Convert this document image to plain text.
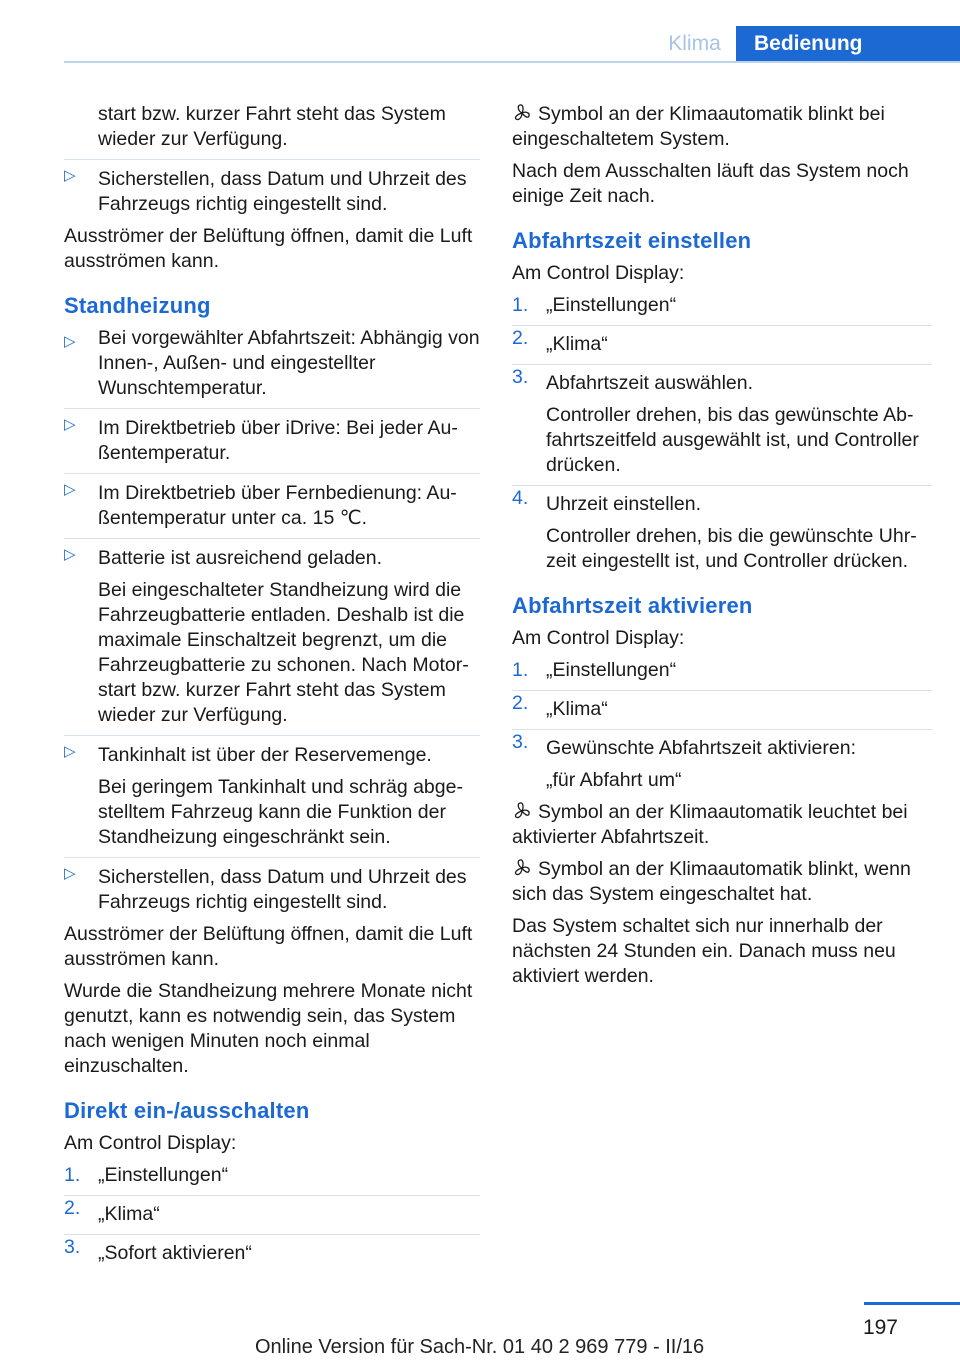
Klima	Bedienung

start bzw. kurzer Fahrt steht das System wieder zur Verfügung.

▷ Sicherstellen, dass Datum und Uhrzeit des Fahrzeugs richtig eingestellt sind.

Ausströmer der Belüftung öffnen, damit die Luft ausströmen kann.

Standheizung
▷ Bei vorgewählter Abfahrtszeit: Abhängig von Innen-, Außen- und eingestellter Wunschtemperatur.
▷ Im Direktbetrieb über iDrive: Bei jeder Außentemperatur.
▷ Im Direktbetrieb über Fernbedienung: Außentemperatur unter ca. 15 ℃.
▷ Batterie ist ausreichend geladen.
Bei eingeschalteter Standheizung wird die Fahrzeugbatterie entladen. Deshalb ist die maximale Einschaltzeit begrenzt, um die Fahrzeugbatterie zu schonen. Nach Motorstart bzw. kurzer Fahrt steht das System wieder zur Verfügung.
▷ Tankinhalt ist über der Reservemenge.
Bei geringem Tankinhalt und schräg abgestelltem Fahrzeug kann die Funktion der Standheizung eingeschränkt sein.
▷ Sicherstellen, dass Datum und Uhrzeit des Fahrzeugs richtig eingestellt sind.

Ausströmer der Belüftung öffnen, damit die Luft ausströmen kann.

Wurde die Standheizung mehrere Monate nicht genutzt, kann es notwendig sein, das System nach wenigen Minuten noch einmal einzuschalten.

Direkt ein-/ausschalten

Am Control Display:

1. „Einstellungen“
2. „Klima“
3. „Sofort aktivieren“

Symbol an der Klimaautomatik blinkt bei eingeschaltetem System.

Nach dem Ausschalten läuft das System noch einige Zeit nach.

Abfahrtszeit einstellen

Am Control Display:

1. „Einstellungen“
2. „Klima“
3. Abfahrtszeit auswählen.
Controller drehen, bis das gewünschte Abfahrtszeitfeld ausgewählt ist, und Controller drücken.
4. Uhrzeit einstellen.
Controller drehen, bis die gewünschte Uhrzeit eingestellt ist, und Controller drücken.
Abfahrtszeit aktivieren

Am Control Display:

1. „Einstellungen“
2. „Klima“
3. Gewünschte Abfahrtszeit aktivieren:
„für Abfahrt um“

Symbol an der Klimaautomatik leuchtet bei aktivierter Abfahrtszeit.

Symbol an der Klimaautomatik blinkt, wenn sich das System eingeschaltet hat.

Das System schaltet sich nur innerhalb der nächsten 24 Stunden ein. Danach muss neu aktiviert werden.

197
Online Version für Sach-Nr. 01 40 2 969 779 - II/16
